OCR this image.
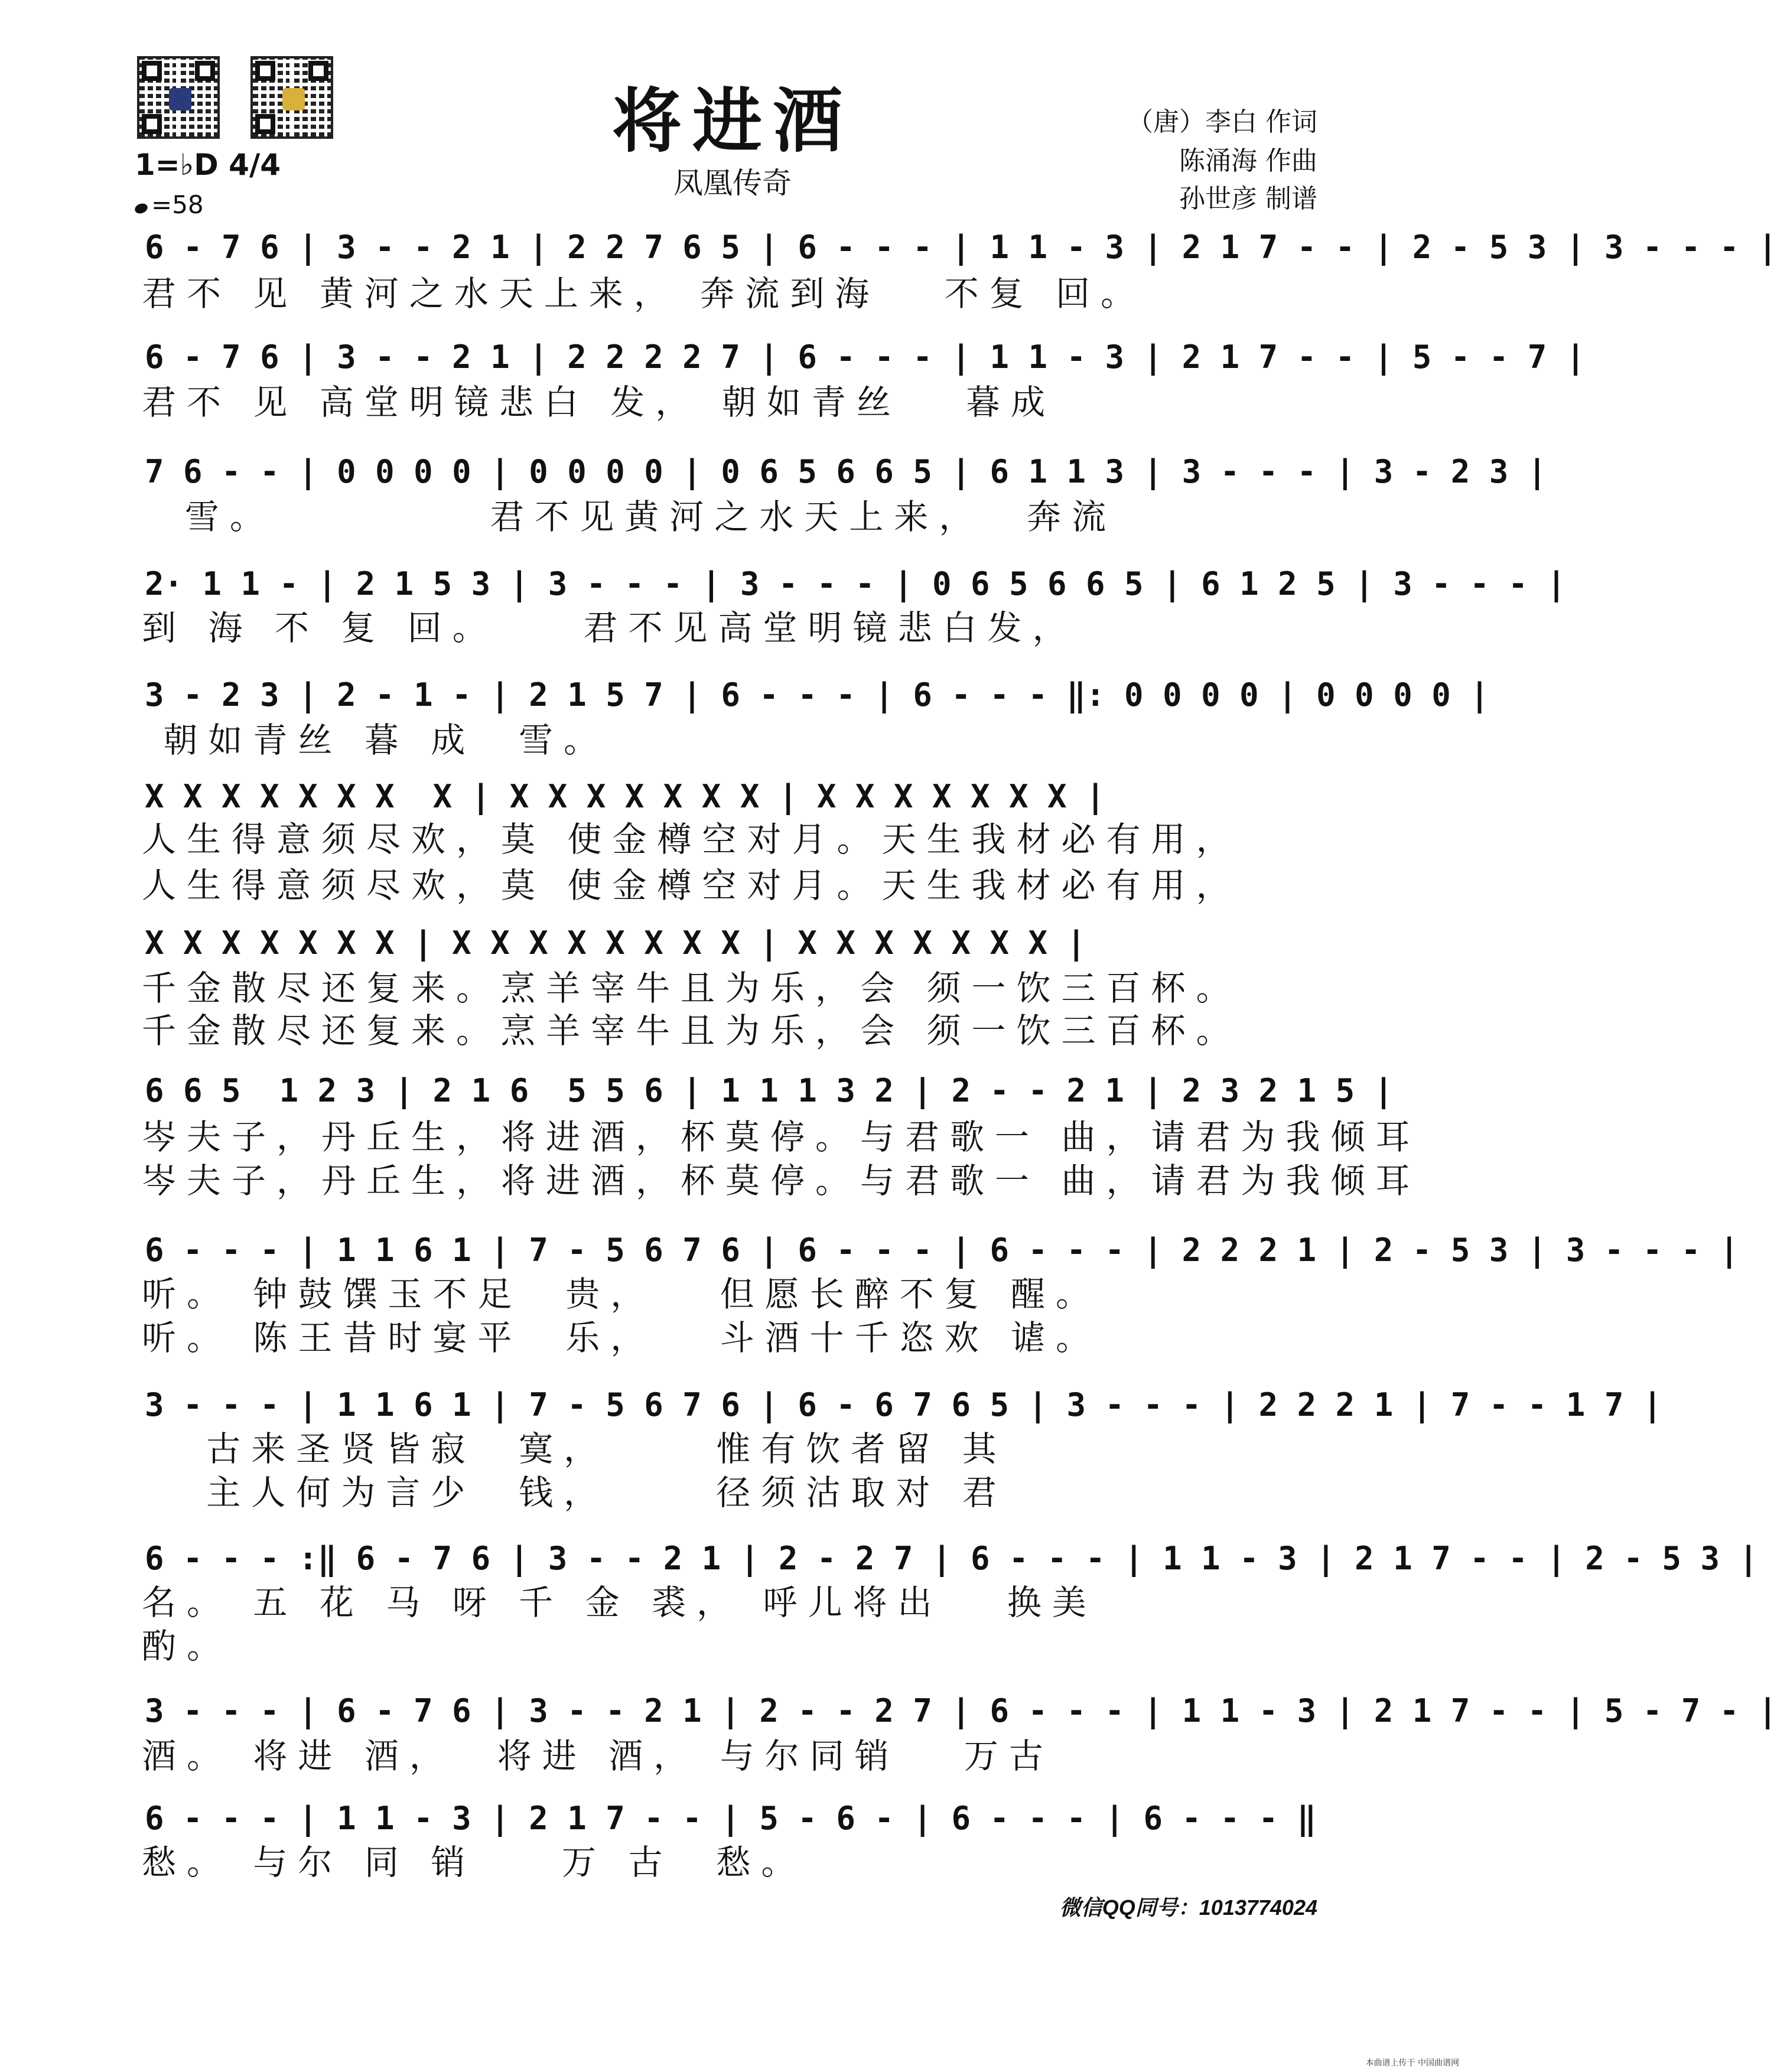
将进酒
凤凰传奇
（唐）李白 作词
陈涌海 作曲
孙世彦 制谱
1=♭D 4/4
=58
6 - 7 6 | 3 - - 2 1 | 2 2 7 6 5 | 6 - - - | 1 1 - 3 | 2 1 7 - - | 2 - 5 3 | 3 - - - |
君不 见 黄河之水天上来， 奔流到海   不复 回。
6 - 7 6 | 3 - - 2 1 | 2 2 2 2 7 | 6 - - - | 1 1 - 3 | 2 1 7 - - | 5 - - 7 |
君不 见 高堂明镜悲白 发， 朝如青丝   暮成
7 6 - - | 0 0 0 0 | 0 0 0 0 | 0 6 5 6 6 5 | 6 1 1 3 | 3 - - - | 3 - 2 3 |
雪。          君不见黄河之水天上来，  奔流
2· 1 1 - | 2 1 5 3 | 3 - - - | 3 - - - | 0 6 5 6 6 5 | 6 1 2 5 | 3 - - - |
到 海 不 复 回。    君不见高堂明镜悲白发，
3 - 2 3 | 2 - 1 - | 2 1 5 7 | 6 - - - | 6 - - - ‖: 0 0 0 0 | 0 0 0 0 |
朝如青丝 暮 成  雪。
X X X X X X X  X | X X X X X X X | X X X X X X X |
人生得意须尽欢，莫 使金樽空对月。天生我材必有用，
人生得意须尽欢，莫 使金樽空对月。天生我材必有用，
X X X X X X X | X X X X X X X X | X X X X X X X |
千金散尽还复来。烹羊宰牛且为乐，会 须一饮三百杯。
千金散尽还复来。烹羊宰牛且为乐，会 须一饮三百杯。
6 6 5  1 2 3 | 2 1 6  5 5 6 | 1 1 1 3 2 | 2 - - 2 1 | 2 3 2 1 5 |
岑夫子，丹丘生，将进酒，杯莫停。与君歌一 曲，请君为我倾耳
岑夫子，丹丘生，将进酒，杯莫停。与君歌一 曲，请君为我倾耳
6 - - - | 1 1 6 1 | 7 - 5 6 7 6 | 6 - - - | 6 - - - | 2 2 2 1 | 2 - 5 3 | 3 - - - |
听。 钟鼓馔玉不足  贵，   但愿长醉不复 醒。
听。 陈王昔时宴平  乐，   斗酒十千恣欢 谑。
3 - - - | 1 1 6 1 | 7 - 5 6 7 6 | 6 - 6 7 6 5 | 3 - - - | 2 2 2 1 | 7 - - 1 7 |
古来圣贤皆寂  寞，     惟有饮者留 其
主人何为言少  钱，     径须沽取对 君
6 - - - :‖ 6 - 7 6 | 3 - - 2 1 | 2 - 2 7 | 6 - - - | 1 1 - 3 | 2 1 7 - - | 2 - 5 3 |
名。 五 花 马 呀 千 金 裘， 呼儿将出   换美
酌。
3 - - - | 6 - 7 6 | 3 - - 2 1 | 2 - - 2 7 | 6 - - - | 1 1 - 3 | 2 1 7 - - | 5 - 7 - |
酒。 将进 酒，  将进 酒， 与尔同销   万古
6 - - - | 1 1 - 3 | 2 1 7 - - | 5 - 6 - | 6 - - - | 6 - - - ‖
愁。 与尔 同 销    万 古  愁。
微信QQ同号：1013774024
本曲谱上传于 中国曲谱网
